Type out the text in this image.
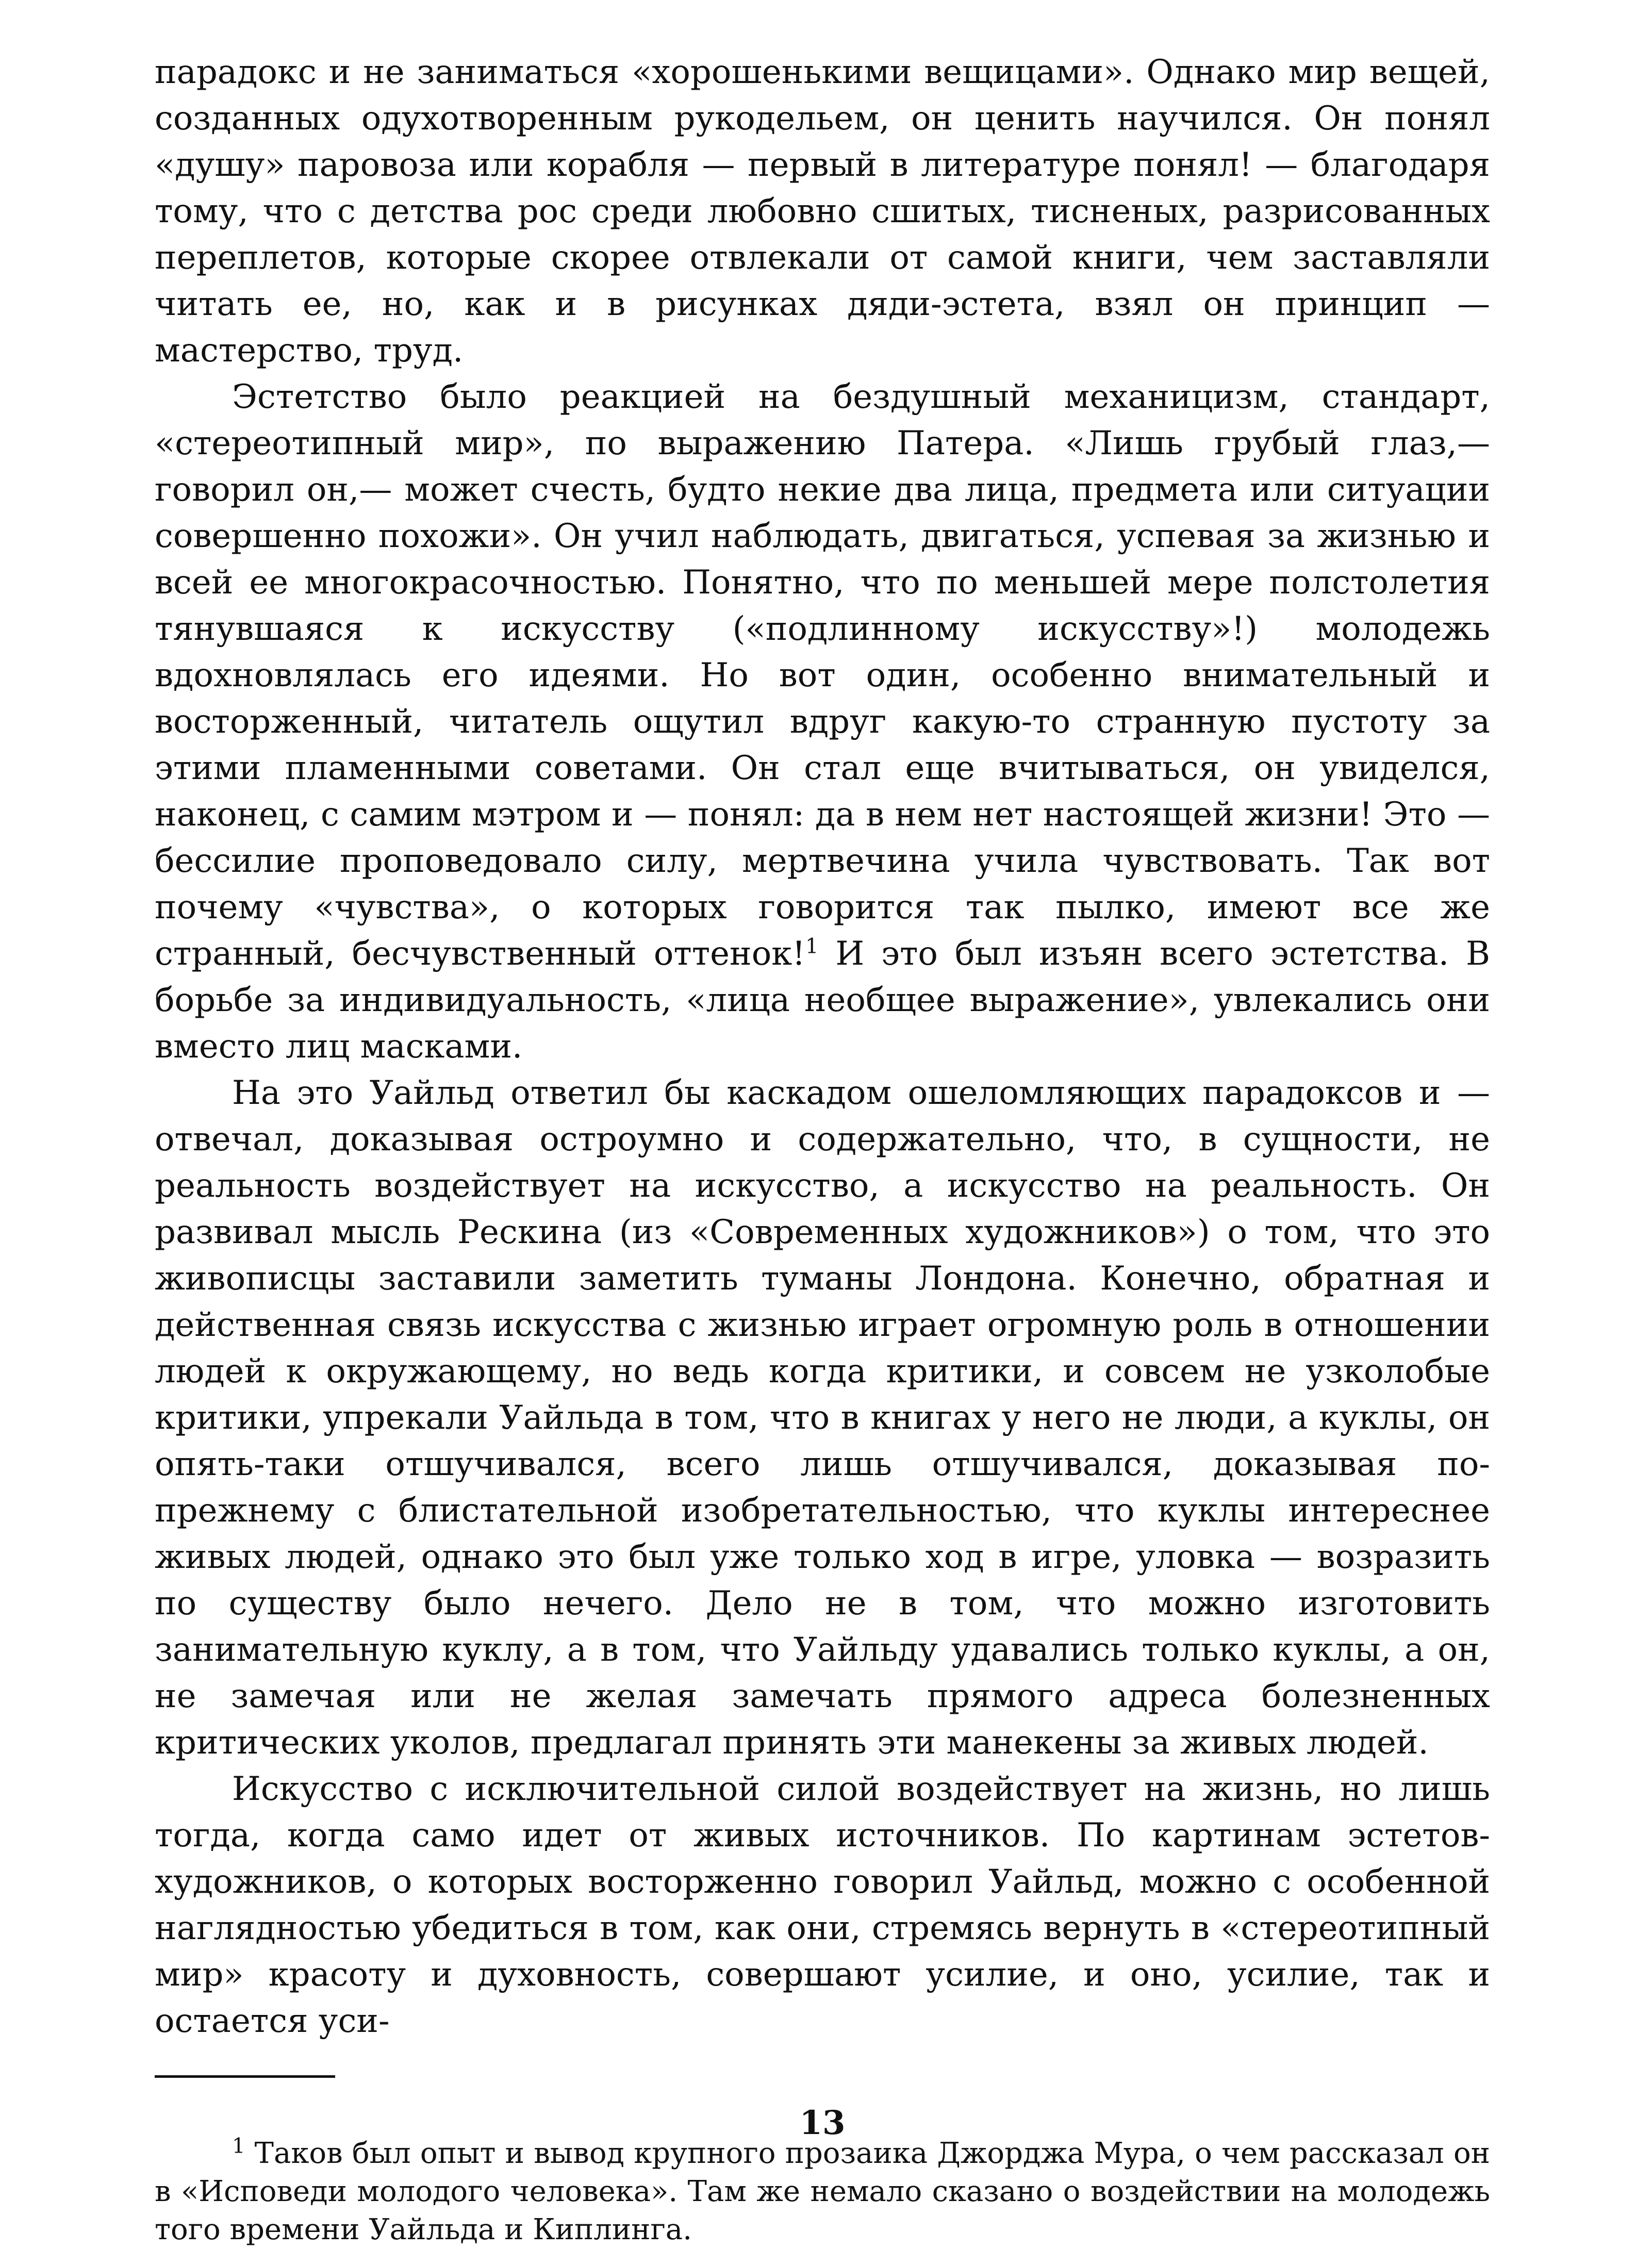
парадокс и не заниматься «хорошенькими вещицами». Однако мир вещей, созданных одухотворенным рукодельем, он ценить научился. Он понял «душу» паровоза или корабля — первый в литературе понял! — благодаря тому, что с детства рос среди любовно сшитых, тисненых, разрисованных переплетов, которые скорее отвлекали от самой книги, чем заставляли читать ее, но, как и в рисунках дяди-эстета, взял он принцип — мастерство, труд.

Эстетство было реакцией на бездушный механицизм, стандарт, «стереотипный мир», по выражению Патера. «Лишь грубый глаз,— говорил он,— может счесть, будто некие два лица, предмета или ситуации совершенно похожи». Он учил наблюдать, двигаться, успевая за жизнью и всей ее многокрасочностью. Понятно, что по меньшей мере полстолетия тянувшаяся к искусству («подлинному искусству»!) молодежь вдохновлялась его идеями. Но вот один, особенно внимательный и восторженный, читатель ощутил вдруг какую-то странную пустоту за этими пламенными советами. Он стал еще вчитываться, он увиделся, наконец, с самим мэтром и — понял: да в нем нет настоящей жизни! Это — бессилие проповедовало силу, мертвечина учила чувствовать. Так вот почему «чувства», о которых говорится так пылко, имеют все же странный, бесчувственный оттенок!$^1$ И это был изъян всего эстетства. В борьбе за индивидуальность, «лица необщее выражение», увлекались они вместо лиц масками.

На это Уайльд ответил бы каскадом ошеломляющих парадоксов и — отвечал, доказывая остроумно и содержательно, что, в сущности, не реальность воздействует на искусство, а искусство на реальность. Он развивал мысль Рескина (из «Современных художников») о том, что это живописцы заставили заметить туманы Лондона. Конечно, обратная и действенная связь искусства с жизнью играет огромную роль в отношении людей к окружающему, но ведь когда критики, и совсем не узколобые критики, упрекали Уайльда в том, что в книгах у него не люди, а куклы, он опять-таки отшучивался, всего лишь отшучивался, доказывая по-прежнему с блистательной изобретательностью, что куклы интереснее живых людей, однако это был уже только ход в игре, уловка — возразить по существу было нечего. Дело не в том, что можно изготовить занимательную куклу, а в том, что Уайльду удавались только куклы, а он, не замечая или не желая замечать прямого адреса болезненных критических уколов, предлагал принять эти манекены за живых людей.

Искусство с исключительной силой воздействует на жизнь, но лишь тогда, когда само идет от живых источников. По картинам эстетов-художников, о которых восторженно говорил Уайльд, можно с особенной наглядностью убедиться в том, как они, стремясь вернуть в «стереотипный мир» красоту и духовность, совершают усилие, и оно, усилие, так и остается уси-

$^1$ Таков был опыт и вывод крупного прозаика Джорджа Мура, о чем рассказал он в «Исповеди молодого человека». Там же немало сказано о воздействии на молодежь того времени Уайльда и Киплинга.

13
